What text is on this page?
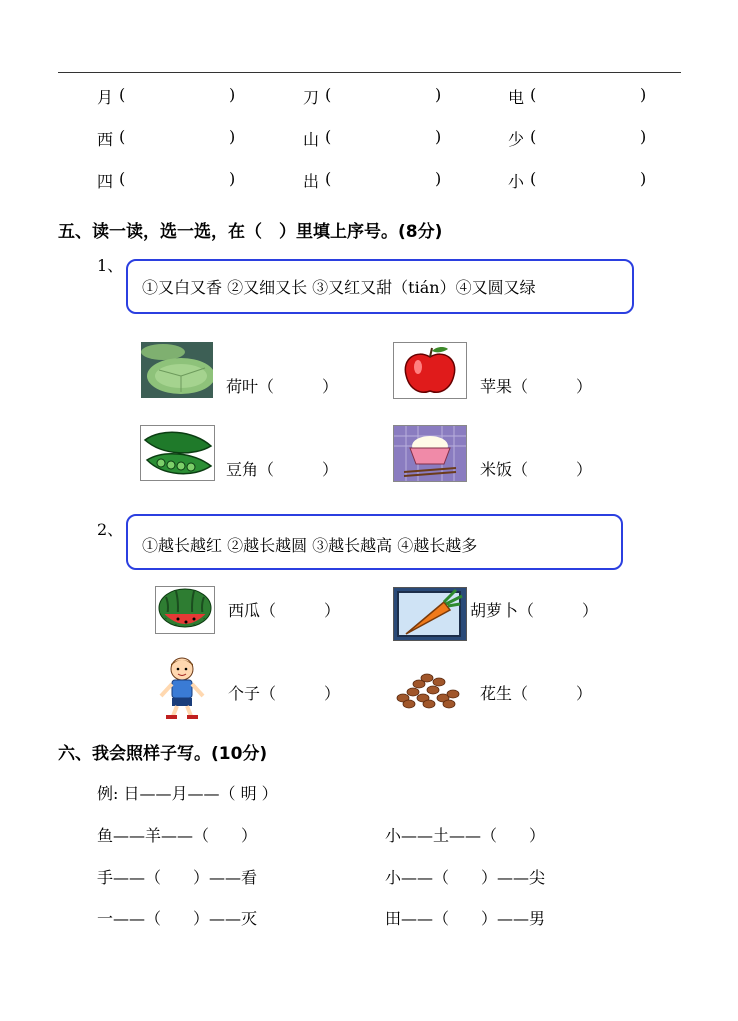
月 (	)	刀 (	)	电 (	)
西 (	)	山 (	)	少 (	)
四 (	)	出 (	)	小 (	)
五、读一读，选一选，在（　）里填上序号。(8分)
1、
①又白又香 ②又细又长 ③又红又甜（tián）④又圆又绿
荷叶（　　　）	苹果（　　　）
豆角（　　　）	米饭（　　　）
2、
①越长越红 ②越长越圆 ③越长越高 ④越长越多
西瓜（　　　）	胡萝卜（　　　）
个子（　　　）	花生（　　　）
六、我会照样子写。(10分)
例: 日——月——（ 明 ）
鱼——羊——（　　）	小——土——（　　）
手——（　　）——看	小——（　　）——尖
一——（　　）——灭	田——（　　）——男
